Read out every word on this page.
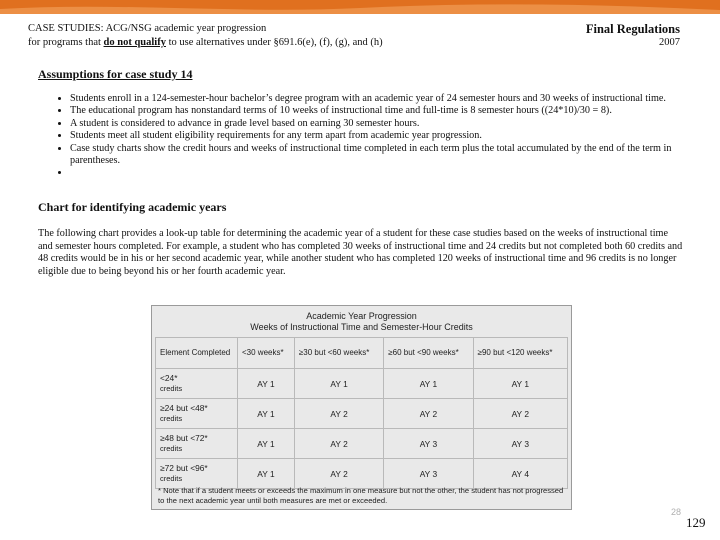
CASE STUDIES: ACG/NSG academic year progression
for programs that do not qualify to use alternatives under §691.6(e), (f), (g), and (h)
Final Regulations
2007
Assumptions for case study 14
• Students enroll in a 124-semester-hour bachelor’s degree program with an academic year of 24 semester hours and 30 weeks of instructional time.
• The educational program has nonstandard terms of 10 weeks of instructional time and full-time is 8 semester hours ((24*10)/30 = 8).
• A student is considered to advance in grade level based on earning 30 semester hours.
• Students meet all student eligibility requirements for any term apart from academic year progression.
• Case study charts show the credit hours and weeks of instructional time completed in each term plus the total accumulated by the end of the term in parentheses.
•
Chart for identifying academic years

The following chart provides a look-up table for determining the academic year of a student for these case studies based on the weeks of instructional time and semester hours completed. For example, a student who has completed 30 weeks of instructional time and 24 credits but not completed both 60 credits and 48 credits would be in his or her second academic year, while another student who has completed 120 weeks of instructional time and 96 credits is no longer eligible due to being beyond his or her fourth academic year.

Academic Year Progression
Weeks of Instructional Time and Semester-Hour Credits
Element Completed	<30 weeks*	≥30 but <60 weeks*	≥60 but <90 weeks*	≥90 but <120 weeks*

<24*
credits	AY 1	AY 1	AY 1	AY 1

≥24 but <48*
credits	AY 1	AY 2	AY 2	AY 2

≥48 but <72*
credits	AY 1	AY 2	AY 3	AY 3

≥72 but <96*
credits	AY 1	AY 2	AY 3	AY 4
* Note that if a student meets or exceeds the maximum in one measure but not the other, the student has not progressed to the next academic year until both measures are met or exceeded.
28
129
